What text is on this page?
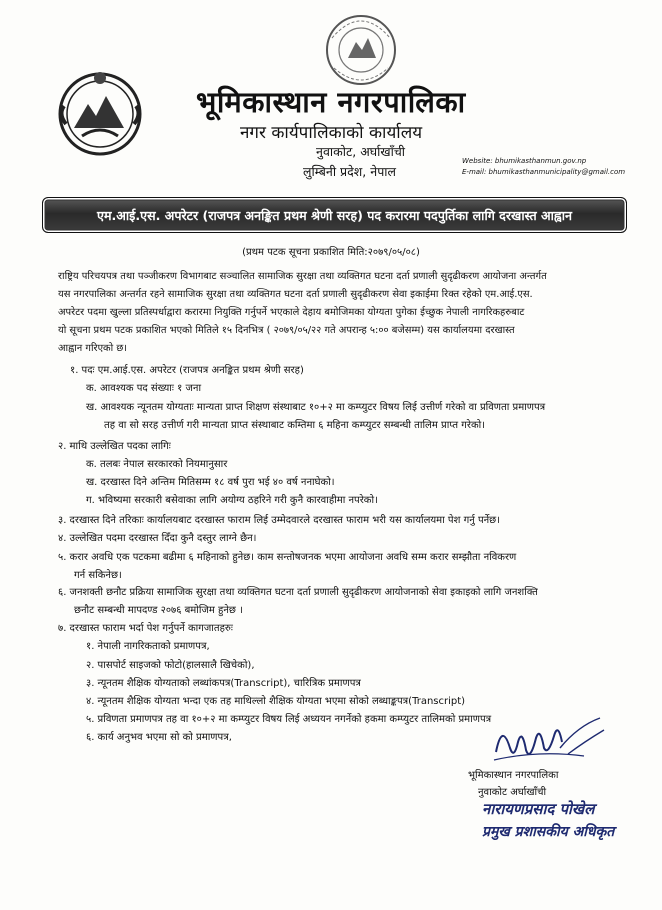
भूमिकास्थान नगरपालिका
नगर कार्यपालिकाको कार्यालय
नुवाकोट, अर्घाखाँची
लुम्बिनी प्रदेश, नेपाल
Website: bhumikasthanmun.gov.np
E-mail: bhumikasthanmunicipality@gmail.com
एम.आई.एस. अपरेटर (राजपत्र अनङ्कित प्रथम श्रेणी सरह) पद करारमा पदपुर्तिका लागि दरखास्त आह्वान
(प्रथम पटक सूचना प्रकाशित मिति:२०७९/०५/०८)
राष्ट्रिय परिचयपत्र तथा पञ्जीकरण विभागबाट सञ्चालित सामाजिक सुरक्षा तथा व्यक्तिगत घटना दर्ता प्रणाली सुदृढीकरण आयोजना अन्तर्गत
यस नगरपालिका अन्तर्गत रहने सामाजिक सुरक्षा तथा व्यक्तिगत घटना दर्ता प्रणाली सुदृढीकरण सेवा इकाईमा रिक्त रहेको एम.आई.एस.
अपरेटर पदमा खुल्ला प्रतिस्पर्धाद्वारा करारमा नियुक्ति गर्नुपर्ने भएकाले देहाय बमोजिमका योग्यता पुगेका ईच्छुक नेपाली नागरिकहरुबाट
यो सूचना प्रथम पटक प्रकाशित भएको मितिले १५ दिनभित्र ( २०७९/०५/२२ गते अपरान्ह ५:०० बजेसम्म) यस कार्यालयमा दरखास्त
आह्वान गरिएको छ।
१. पदः एम.आई.एस. अपरेटर (राजपत्र अनङ्कित प्रथम श्रेणी सरह)
क. आवश्यक पद संख्याः १ जना
ख. आवश्यक न्यूनतम योग्यताः मान्यता प्राप्त शिक्षण संस्थाबाट १०+२ मा कम्प्युटर विषय लिई उत्तीर्ण गरेको वा प्रविणता प्रमाणपत्र
तह वा सो सरह उत्तीर्ण गरी मान्यता प्राप्त संस्थाबाट कम्तिमा ६ महिना कम्प्युटर सम्बन्धी तालिम प्राप्त गरेको।
२. माथि उल्लेखित पदका लागिः
क. तलबः नेपाल सरकारको नियमानुसार
ख. दरखास्त दिने अन्तिम मितिसम्म १८ वर्ष पुरा भई ४० वर्ष ननाघेको।
ग. भविष्यमा सरकारी बसेवाका लागि अयोग्य ठहरिने गरी कुनै कारवाहीमा नपरेको।
३. दरखास्त दिने तरिकाः कार्यालयबाट दरखास्त फाराम लिई उम्मेदवारले दरखास्त फाराम भरी यस कार्यालयमा पेश गर्नु पर्नेछ।
४. उल्लेखित पदमा दरखास्त दिँदा कुनै दस्तुर लाग्ने छैन।
५. करार अवधि एक पटकमा बढीमा ६ महिनाको हुनेछ। काम सन्तोषजनक भएमा आयोजना अवधि सम्म करार सम्झौता नविकरण
गर्न सकिनेछ।
६. जनशक्ती छनौट प्रक्रिया सामाजिक सुरक्षा तथा व्यक्तिगत घटना दर्ता प्रणाली सुदृढीकरण आयोजनाको सेवा इकाइको लागि जनशक्ति
छनौट सम्बन्धी मापदण्ड २०७६ बमोजिम हुनेछ ।
७. दरखास्त फाराम भर्दा पेश गर्नुपर्ने कागजातहरुः
१. नेपाली नागरिकताको प्रमाणपत्र,
२. पासपोर्ट साइजको फोटो(हालसालै खिचेको),
३. न्यूनतम शैक्षिक योग्यताको लब्धांकपत्र(Transcript), चारित्रिक प्रमाणपत्र
४. न्यूनतम शैक्षिक योग्यता भन्दा एक तह माथिल्लो शैक्षिक योग्यता भएमा सोको लब्धाङ्कपत्र(Transcript)
५. प्रविणता प्रमाणपत्र तह वा १०+२ मा कम्प्युटर विषय लिई अध्ययन नगर्नेको हकमा कम्प्युटर तालिमको प्रमाणपत्र
६. कार्य अनुभव भएमा सो को प्रमाणपत्र,
भूमिकास्थान नगरपालिका
नुवाकोट अर्घाखाँची
नारायणप्रसाद पोखेल
प्रमुख प्रशासकीय अधिकृत
